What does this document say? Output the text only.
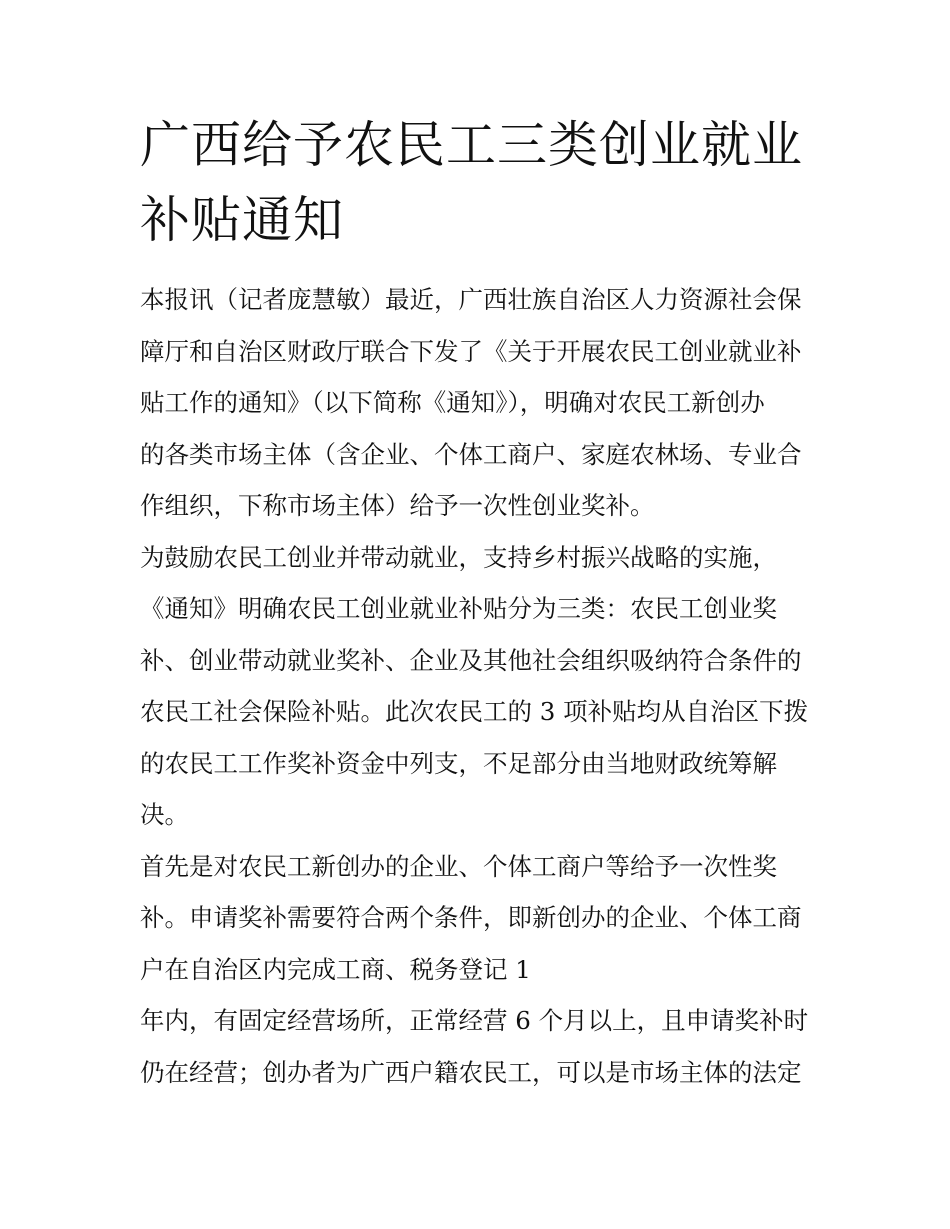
广西给予农民工三类创业就业
补贴通知
本报讯（记者庞慧敏）最近，广西壮族自治区人力资源社会保
障厅和自治区财政厅联合下发了《关于开展农民工创业就业补
贴工作的通知》（以下简称《通知》），明确对农民工新创办
的各类市场主体（含企业、个体工商户、家庭农林场、专业合
作组织，下称市场主体）给予一次性创业奖补。
为鼓励农民工创业并带动就业，支持乡村振兴战略的实施，
《通知》明确农民工创业就业补贴分为三类：农民工创业奖
补、创业带动就业奖补、企业及其他社会组织吸纳符合条件的
农民工社会保险补贴。此次农民工的 3 项补贴均从自治区下拨
的农民工工作奖补资金中列支，不足部分由当地财政统筹解
决。
首先是对农民工新创办的企业、个体工商户等给予一次性奖
补。申请奖补需要符合两个条件，即新创办的企业、个体工商
户在自治区内完成工商、税务登记 1
年内，有固定经营场所，正常经营 6 个月以上，且申请奖补时
仍在经营；创办者为广西户籍农民工，可以是市场主体的法定
